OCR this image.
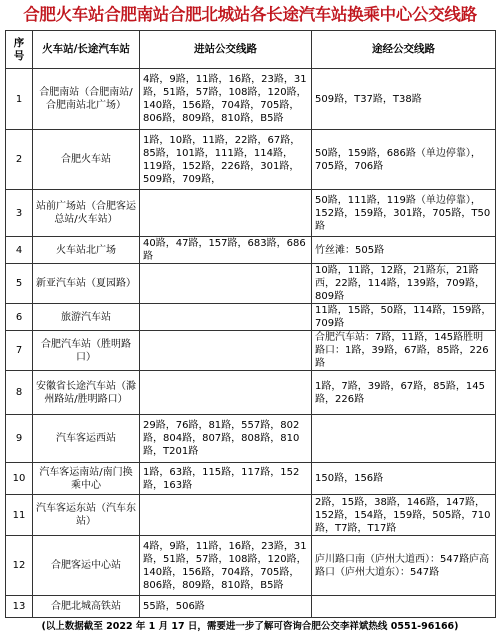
合肥火车站合肥南站合肥北城站各长途汽车站换乘中心公交线路
序号	火车站/长途汽车站	进站公交线路	途经公交线路
1	合肥南站（合肥南站/合肥南站北广场）	4路，9路，11路，16路，23路，31路，51路，57路，108路，120路，140路，156路，704路，705路，806路，809路，810路，B5路	509路，T37路，T38路
2	合肥火车站	1路，10路，11路，22路，67路，85路，101路，111路，114路，119路，152路，226路，301路，509路，709路，	50路，159路，686路（单边停靠），705路，706路
3	站前广场站（合肥客运总站/火车站）		50路，111路，119路（单边停靠），152路，159路，301路，705路，T50路
4	火车站北广场	40路，47路，157路，683路，686路	竹丝滩：505路
5	新亚汽车站（夏园路）		10路，11路，12路，21路东，21路西，22路，114路，139路，709路，809路
6	旅游汽车站		11路，15路，50路，114路，159路，709路
7	合肥汽车站（胜明路口）		合肥汽车站：7路，11路，145路胜明路口：1路，39路，67路，85路，226路
8	安徽省长途汽车站（滁州路站/胜明路口）		1路，7路，39路，67路，85路，145路，226路
9	汽车客运西站	29路，76路，81路，557路，802路，804路，807路，808路，810路，T201路	
10	汽车客运南站/南门换乘中心	1路，63路，115路，117路，152路，163路	150路，156路
11	汽车客运东站（汽车东站）		2路，15路，38路，146路，147路，152路，154路，159路，505路，710路，T7路，T17路
12	合肥客运中心站	4路，9路，11路，16路，23路，31路，51路，57路，108路，120路，140路，156路，704路，705路，806路，809路，810路，B5路	庐川路口南（庐州大道西）：547路庐高路口（庐州大道东）：547路
13	合肥北城高铁站	55路，506路	
(以上数据截至 2022 年 1 月 17 日，需要进一步了解可咨询合肥公交李祥斌热线 0551-96166)
